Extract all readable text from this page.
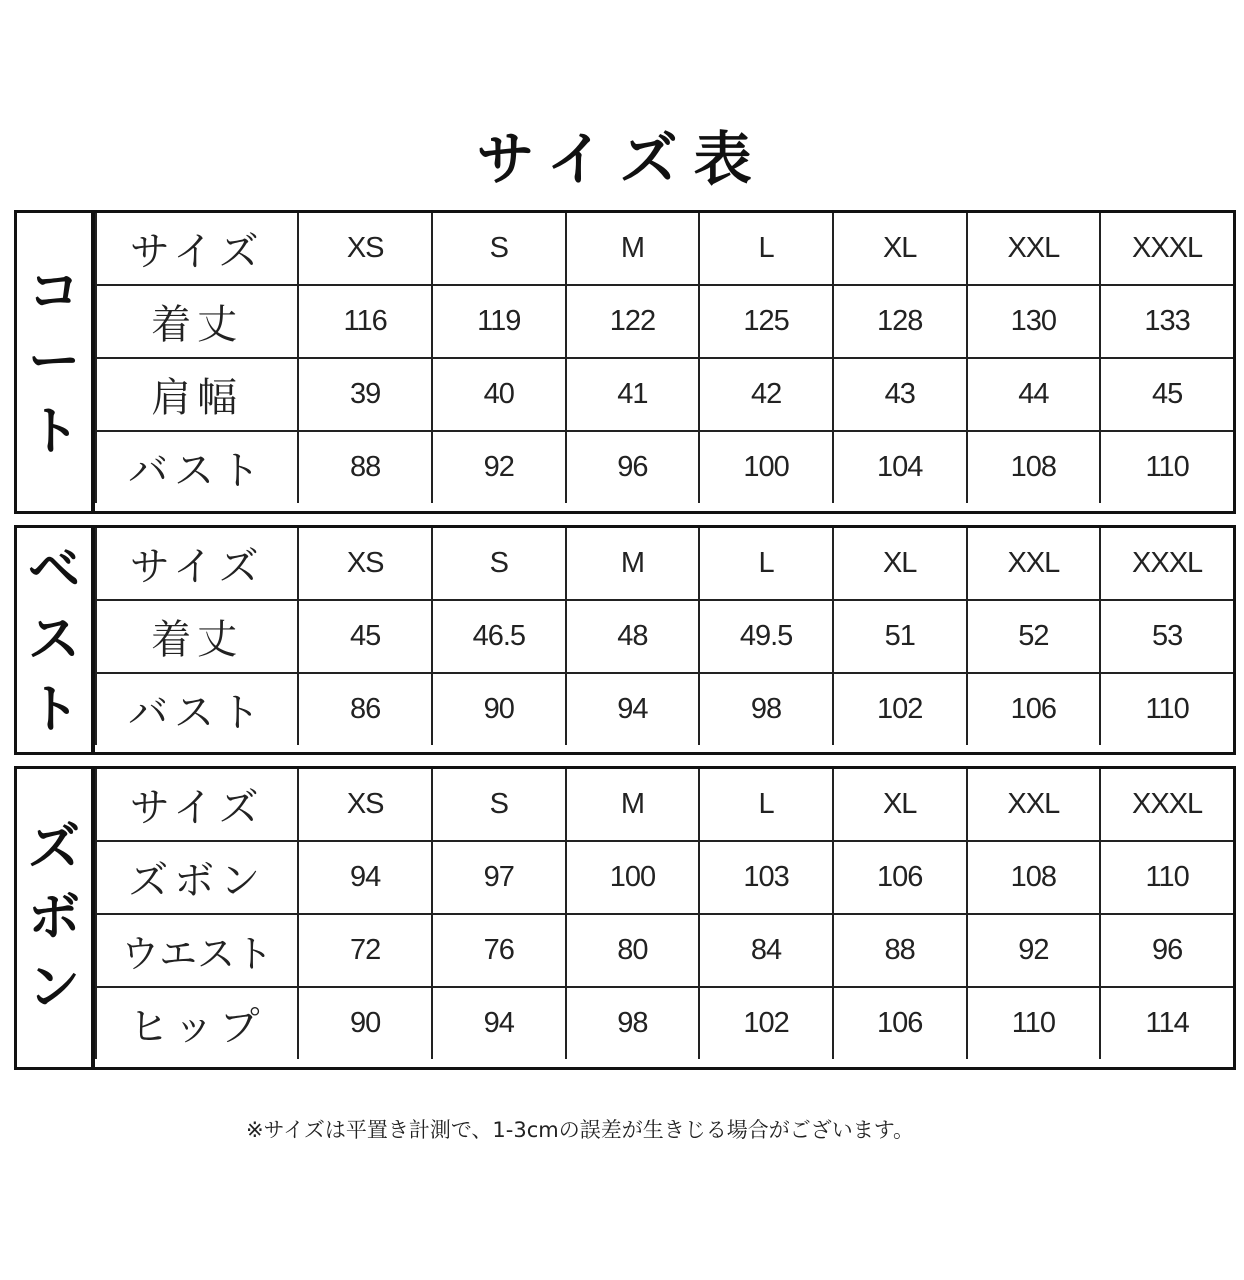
サイズ表
コ
ー
ト
サイズ	XS	S	M	L	XL	XXL	XXXL
着丈	116	119	122	125	128	130	133
肩幅	39	40	41	42	43	44	45
バスト	88	92	96	100	104	108	110
ベ
ス
ト
サイズ	XS	S	M	L	XL	XXL	XXXL
着丈	45	46.5	48	49.5	51	52	53
バスト	86	90	94	98	102	106	110
ズ
ボ
ン
サイズ	XS	S	M	L	XL	XXL	XXXL
ズボン	94	97	100	103	106	108	110
ウエスト	72	76	80	84	88	92	96
ヒップ	90	94	98	102	106	110	114
※サイズは平置き計測で、1-3cmの誤差が生きじる場合がございます。
